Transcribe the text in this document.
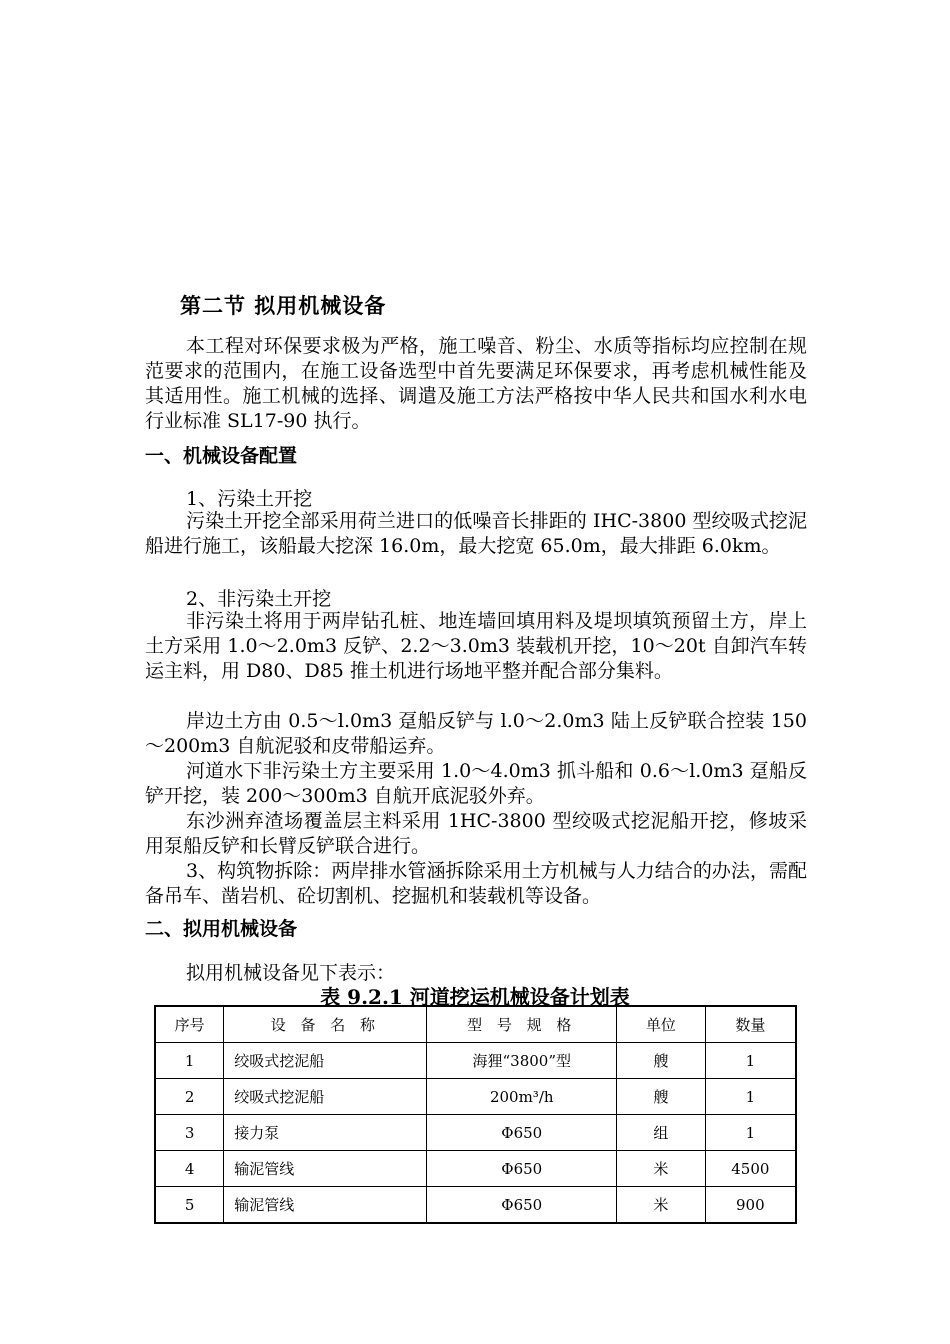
第二节 拟用机械设备
本工程对环保要求极为严格，施工噪音、粉尘、水质等指标均应控制在规范要求的范围内，在施工设备选型中首先要满足环保要求，再考虑机械性能及其适用性。施工机械的选择、调遣及施工方法严格按中华人民共和国水利水电行业标准 SL17-90 执行。
一、机械设备配置
1、污染土开挖
污染土开挖全部采用荷兰进口的低噪音长排距的 IHC-3800 型绞吸式挖泥船进行施工，该船最大挖深 16.0m，最大挖宽 65.0m，最大排距 6.0km。
2、非污染土开挖
非污染土将用于两岸钻孔桩、地连墙回填用料及堤坝填筑预留土方，岸上土方采用 1.0～2.0m3 反铲、2.2～3.0m3 装载机开挖，10～20t 自卸汽车转运主料，用 D80、D85 推土机进行场地平整并配合部分集料。
岸边土方由 0.5～l.0m3 趸船反铲与 l.0～2.0m3 陆上反铲联合控装 150～200m3 自航泥驳和皮带船运弃。
河道水下非污染土方主要采用 1.0～4.0m3 抓斗船和 0.6～l.0m3 趸船反铲开挖，装 200～300m3 自航开底泥驳外弃。
东沙洲弃渣场覆盖层主料采用 1HC-3800 型绞吸式挖泥船开挖，修坡采用泵船反铲和长臂反铲联合进行。
3、构筑物拆除：两岸排水管涵拆除采用土方机械与人力结合的办法，需配备吊车、凿岩机、砼切割机、挖掘机和装载机等设备。
二、拟用机械设备
拟用机械设备见下表示：
表 9.2.1 河道挖运机械设备计划表
序号	设 备 名 称	型 号 规 格	单位	数量
1	绞吸式挖泥船	海狸“3800”型	艘	1
2	绞吸式挖泥船	200m³/h	艘	1
3	接力泵	Φ650	组	1
4	输泥管线	Φ650	米	4500
5	输泥管线	Φ650	米	900
